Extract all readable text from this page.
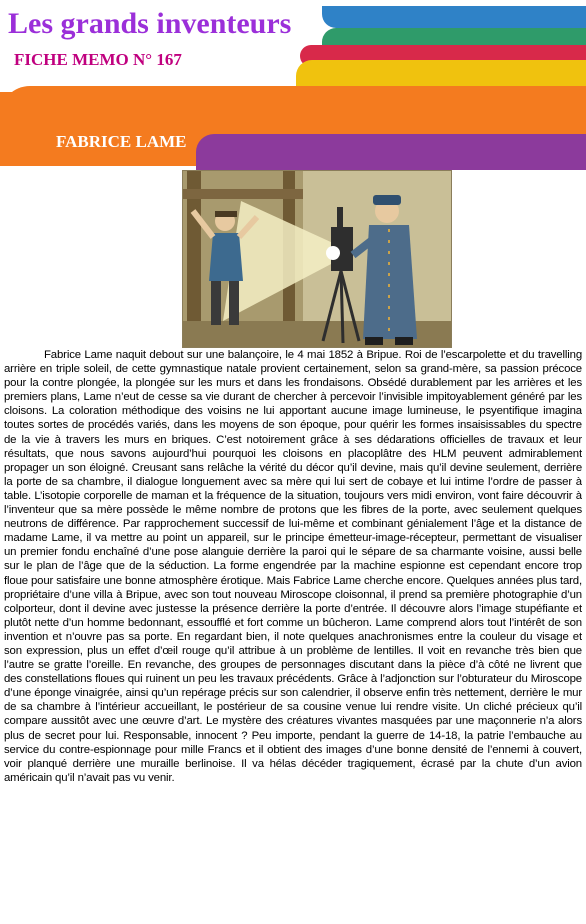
Les grands inventeurs
FICHE MEMO N° 167
FABRICE LAME

Fabrice Lame naquit debout sur une balançoire, le 4 mai 1852 à Bripue. Roi de l’escarpolette et du travelling arrière en triple soleil, de cette gymnastique natale provient certainement, selon sa grand-mère, sa passion précoce pour la contre plongée, la plongée sur les murs et dans les frondaisons. Obsédé durablement par les arrières et les premiers plans, Lame n’eut de cesse sa vie durant de chercher à percevoir l’invisible impitoyablement généré par les cloisons. La coloration méthodique des voisins ne lui apportant aucune image lumineuse, le psyentifique imagina toutes sortes de procédés variés, dans les moyens de son époque, pour quérir les formes insaisissables du spectre de la vie à travers les murs en briques. C’est notoirement grâce à ses dédarations officielles de travaux et leur résultats, que nous savons aujourd’hui pourquoi les cloisons en placoplâtre des HLM peuvent admirablement propager un son éloigné. Creusant sans relâche la vérité du décor qu’il devine, mais qu’il devine seulement, derrière la porte de sa chambre, il dialogue longuement avec sa mère qui lui sert de cobaye et lui intime l’ordre de passer à table. L’isotopie corporelle de maman et la fréquence de la situation, toujours vers midi environ, vont faire découvrir à l’inventeur que sa mère possède le même nombre de protons que les fibres de la porte, avec seulement quelques neutrons de différence. Par rapprochement successif de lui-même et combinant génialement l’âge et la distance de madame Lame, il va mettre au point un appareil, sur le principe émetteur-image-récepteur, permettant de visualiser un premier fondu enchaîné d’une pose alanguie derrière la paroi qui le sépare de sa charmante voisine, aussi belle sur le plan de l’âge que de la séduction. La forme engendrée par la machine espionne est cependant encore trop floue pour satisfaire une bonne atmosphère érotique. Mais Fabrice Lame cherche encore. Quelques années plus tard, propriétaire d’une villa à Bripue, avec son tout nouveau Miroscope cloisonnal, il prend sa première photographie d’un colporteur, dont il devine avec justesse la présence derrière la porte d’entrée. Il découvre alors l’image stupéfiante et plutôt nette d’un homme bedonnant, essoufflé et fort comme un bûcheron. Lame comprend alors tout l’intérêt de son invention et n’ouvre pas sa porte. En regardant bien, il note quelques anachronismes entre la couleur du visage et son expression, plus un effet d’œil rouge qu’il attribue à un problème de lentilles. Il voit en revanche très bien que l’autre se gratte l’oreille. En revanche, des groupes de personnages discutant dans la pièce d’à côté ne livrent que des constellations floues qui ruinent un peu les travaux précédents. Grâce à l’adjonction sur l’obturateur du Miroscope d’une éponge vinaigrée, ainsi qu’un repérage précis sur son calendrier, il observe enfin très nettement, derrière le mur de sa chambre à l’intérieur accueillant, le postérieur de sa cousine venue lui rendre visite. Un cliché précieux qu’il compare aussitôt avec une œuvre d’art. Le mystère des créatures vivantes masquées par une maçonnerie n’a alors plus de secret pour lui. Responsable, innocent ? Peu importe, pendant la guerre de 14-18, la patrie l’embauche au service du contre-espionnage pour mille Francs et il obtient des images d’une bonne densité de l’ennemi à couvert, voir planqué derrière une muraille berlinoise. Il va hélas décéder tragiquement, écrasé par la chute d’un avion américain qu’il n’avait pas vu venir.
